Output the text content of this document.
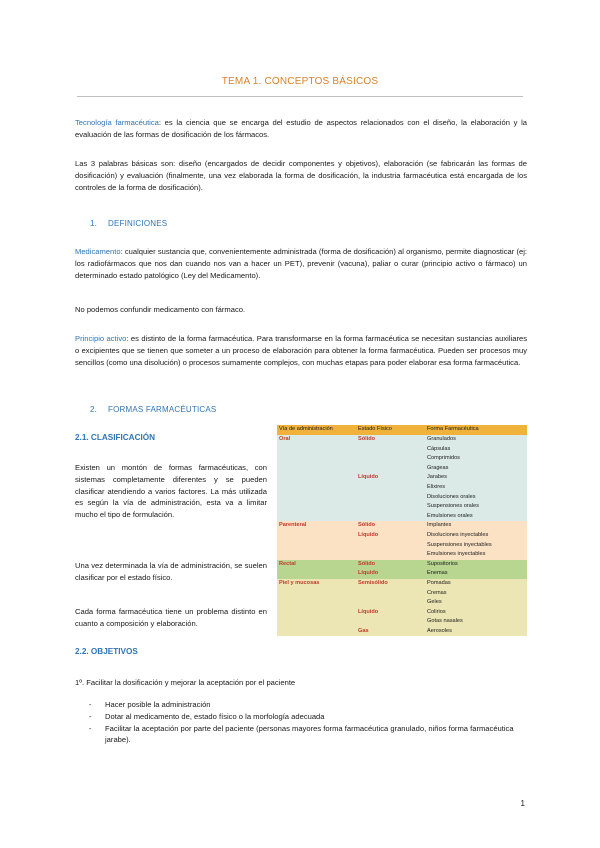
TEMA 1. CONCEPTOS BÁSICOS
Tecnología farmacéutica: es la ciencia que se encarga del estudio de aspectos relacionados con el diseño, la elaboración y la evaluación de las formas de dosificación de los fármacos.
Las 3 palabras básicas son: diseño (encargados de decidir componentes y objetivos), elaboración (se fabricarán las formas de dosificación) y evaluación (finalmente, una vez elaborada la forma de dosificación, la industria farmacéutica está encargada de los controles de la forma de dosificación).
1. DEFINICIONES
Medicamento: cualquier sustancia que, convenientemente administrada (forma de dosificación) al organismo, permite diagnosticar (ej: los radiofármacos que nos dan cuando nos van a hacer un PET), prevenir (vacuna), paliar o curar (principio activo o fármaco) un determinado estado patológico (Ley del Medicamento).
No podemos confundir medicamento con fármaco.
Principio activo: es distinto de la forma farmacéutica. Para transformarse en la forma farmacéutica se necesitan sustancias auxiliares o excipientes que se tienen que someter a un proceso de elaboración para obtener la forma farmacéutica. Pueden ser procesos muy sencillos (como una disolución) o procesos sumamente complejos, con muchas etapas para poder elaborar esa forma farmacéutica.
2. FORMAS FARMACÉUTICAS
2.1. CLASIFICACIÓN
Existen un montón de formas farmacéuticas, con sistemas completamente diferentes y se pueden clasificar atendiendo a varios factores. La más utilizada es según la vía de administración, esta va a limitar mucho el tipo de formulación.
Una vez determinada la vía de administración, se suelen clasificar por el estado físico.
Cada forma farmacéutica tiene un problema distinto en cuanto a composición y elaboración.
Vía de administración	Estado Físico	Forma Farmacéutica
Oral	Sólido	Granulados
Cápsulas
Comprimidos
Grageas

	Líquido	Jarabes
Elixires
Disoluciones orales
Suspensiones orales
Emulsiones orales

Parenteral	Sólido	Implantes

	Líquido	Disoluciones inyectables
Suspensiones inyectables
Emulsiones inyectables

Rectal	Sólido	Supositorios

	Líquido	Enemas

Piel y mucosas	Semisólido	Pomadas
Cremas
Geles

	Líquido	Colirios
Gotas nasales

	Gas	Aerosoles
2.2. OBJETIVOS
1º. Facilitar la dosificación y mejorar la aceptación por el paciente
- Hacer posible la administración
- Dotar al medicamento de, estado físico o la morfología adecuada
- Facilitar la aceptación por parte del paciente (personas mayores forma farmacéutica granulado, niños forma farmacéutica jarabe).
1
